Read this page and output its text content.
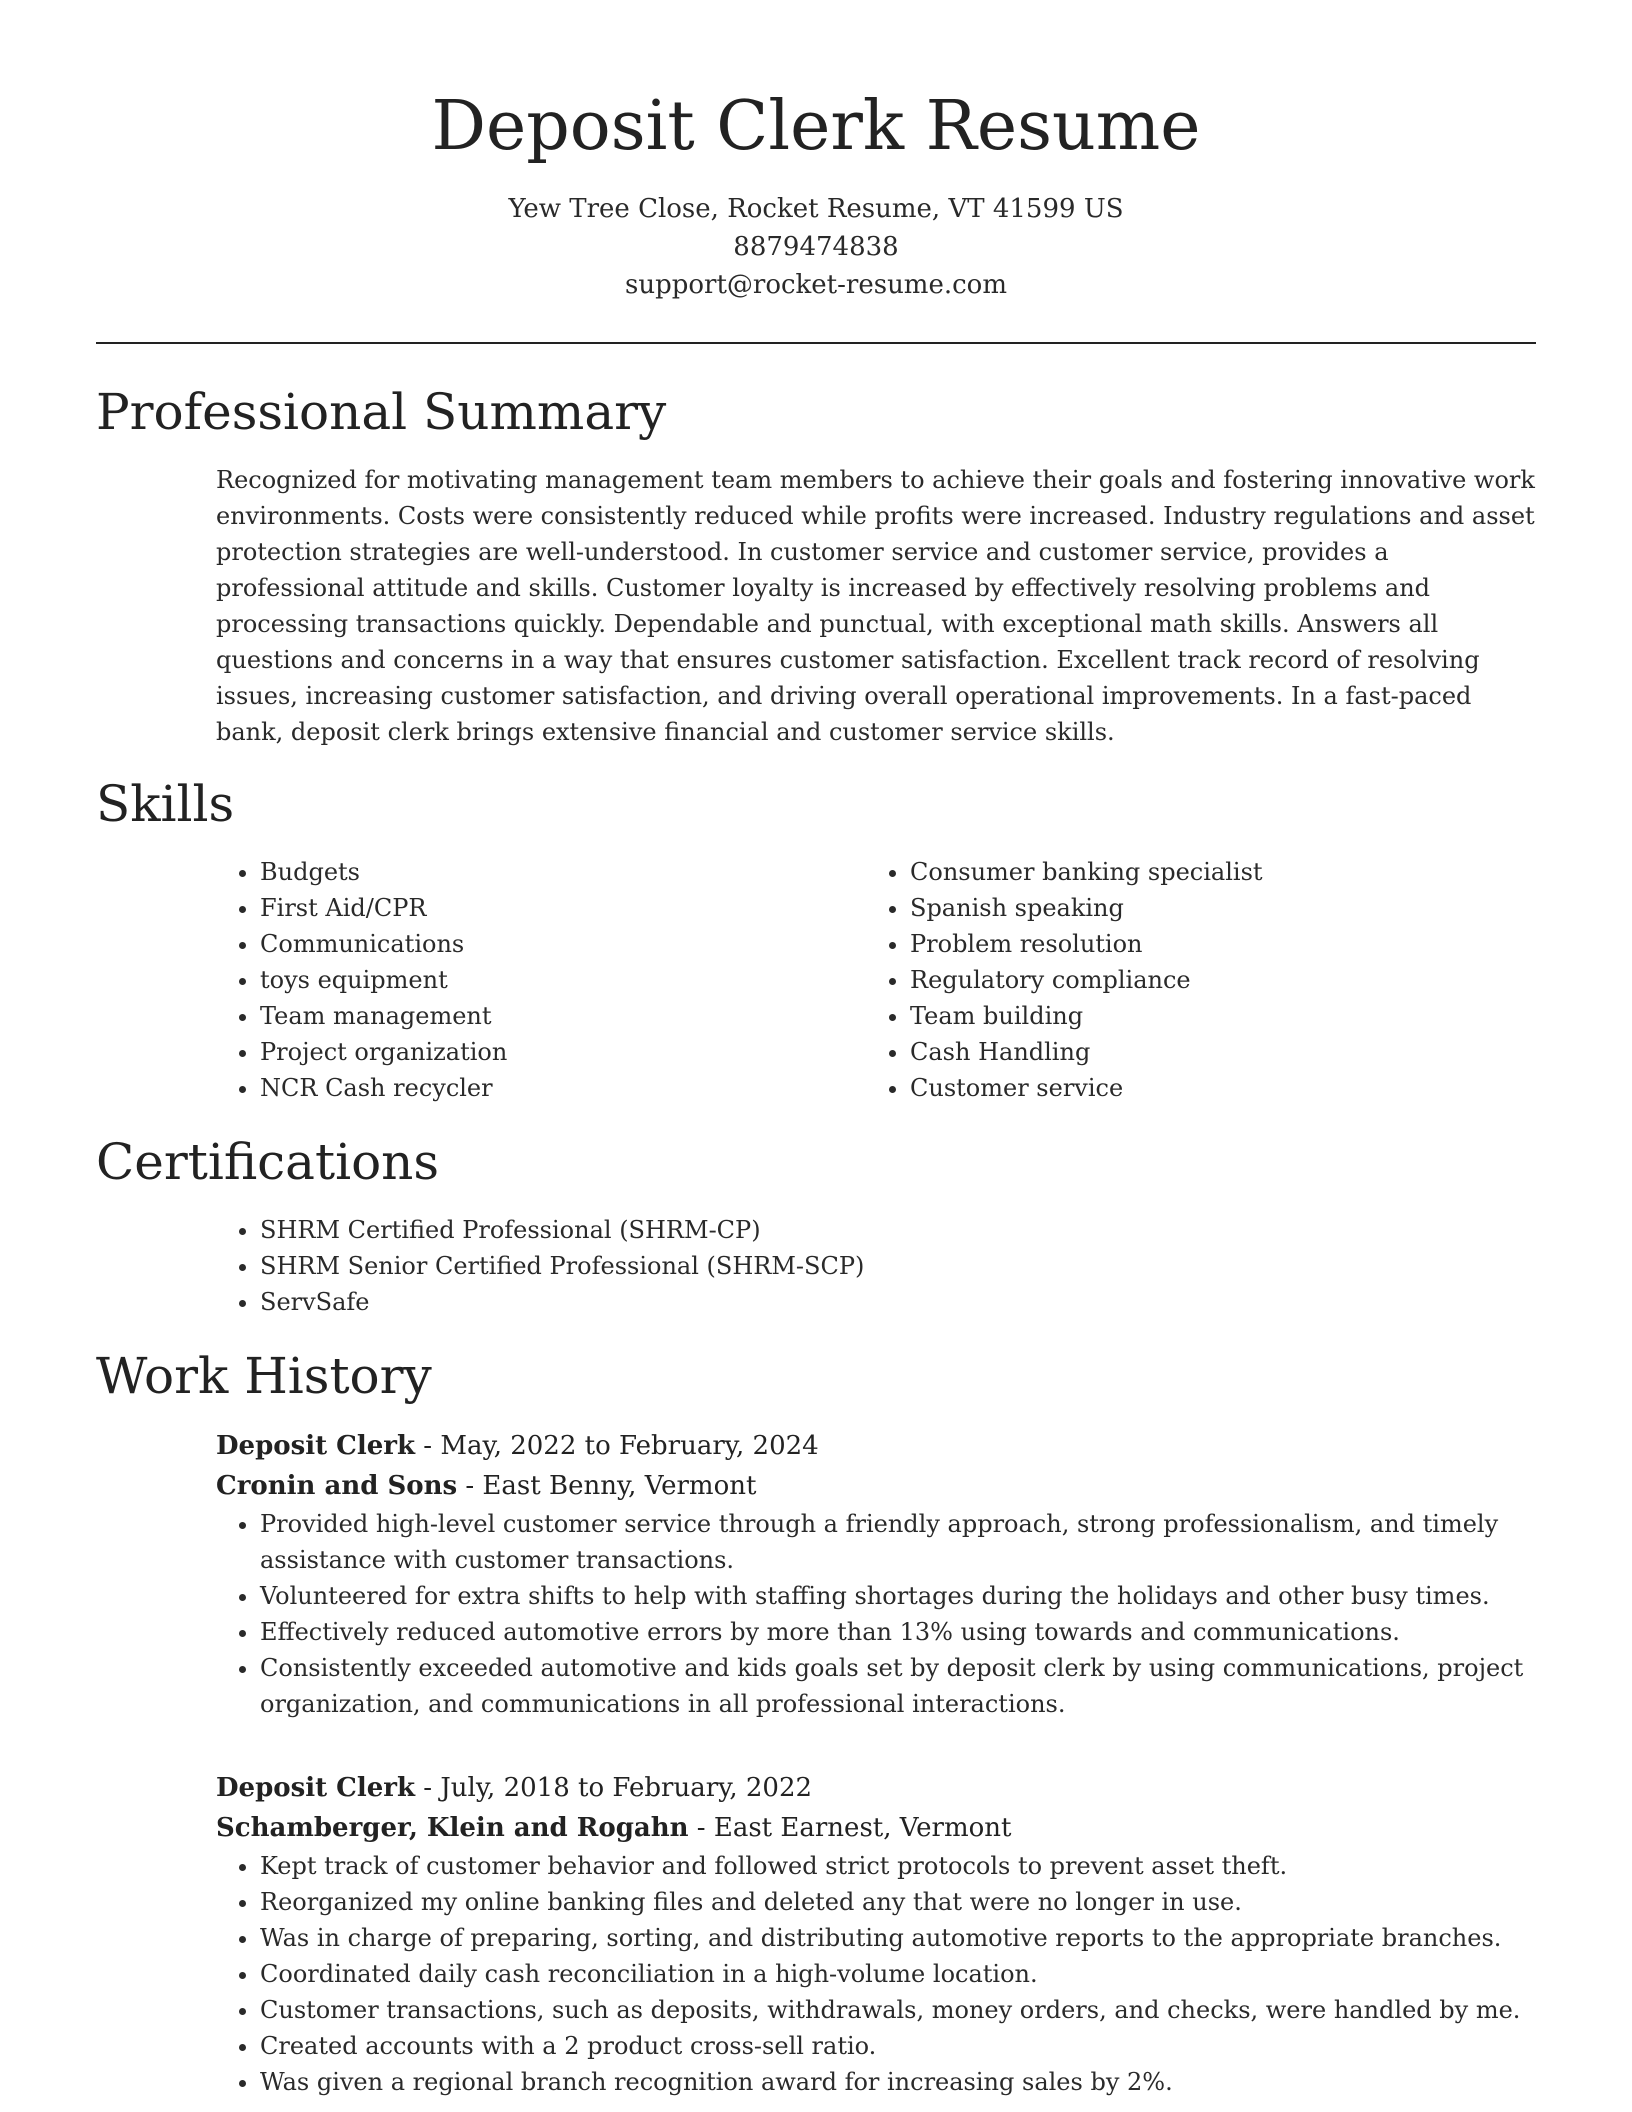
Deposit Clerk Resume
Yew Tree Close, Rocket Resume, VT 41599 US
8879474838
support@rocket-resume.com
Professional Summary

Recognized for motivating management team members to achieve their goals and fostering innovative work environments. Costs were consistently reduced while profits were increased. Industry regulations and asset protection strategies are well-understood. In customer service and customer service, provides a professional attitude and skills. Customer loyalty is increased by effectively resolving problems and processing transactions quickly. Dependable and punctual, with exceptional math skills. Answers all questions and concerns in a way that ensures customer satisfaction. Excellent track record of resolving issues, increasing customer satisfaction, and driving overall operational improvements. In a fast-paced bank, deposit clerk brings extensive financial and customer service skills.

Skills
• Budgets
• First Aid/CPR
• Communications
• toys equipment
• Team management
• Project organization
• NCR Cash recycler
• Consumer banking specialist
• Spanish speaking
• Problem resolution
• Regulatory compliance
• Team building
• Cash Handling
• Customer service
Certifications
• SHRM Certified Professional (SHRM-CP)
• SHRM Senior Certified Professional (SHRM-SCP)
• ServSafe
Work History
Deposit Clerk - May, 2022 to February, 2024
Cronin and Sons - East Benny, Vermont
• Provided high-level customer service through a friendly approach, strong professionalism, and timely assistance with customer transactions.
• Volunteered for extra shifts to help with staffing shortages during the holidays and other busy times.
• Effectively reduced automotive errors by more than 13% using towards and communications.
• Consistently exceeded automotive and kids goals set by deposit clerk by using communications, project organization, and communications in all professional interactions.
Deposit Clerk - July, 2018 to February, 2022
Schamberger, Klein and Rogahn - East Earnest, Vermont
• Kept track of customer behavior and followed strict protocols to prevent asset theft.
• Reorganized my online banking files and deleted any that were no longer in use.
• Was in charge of preparing, sorting, and distributing automotive reports to the appropriate branches.
• Coordinated daily cash reconciliation in a high-volume location.
• Customer transactions, such as deposits, withdrawals, money orders, and checks, were handled by me.
• Created accounts with a 2 product cross-sell ratio.
• Was given a regional branch recognition award for increasing sales by 2%.
